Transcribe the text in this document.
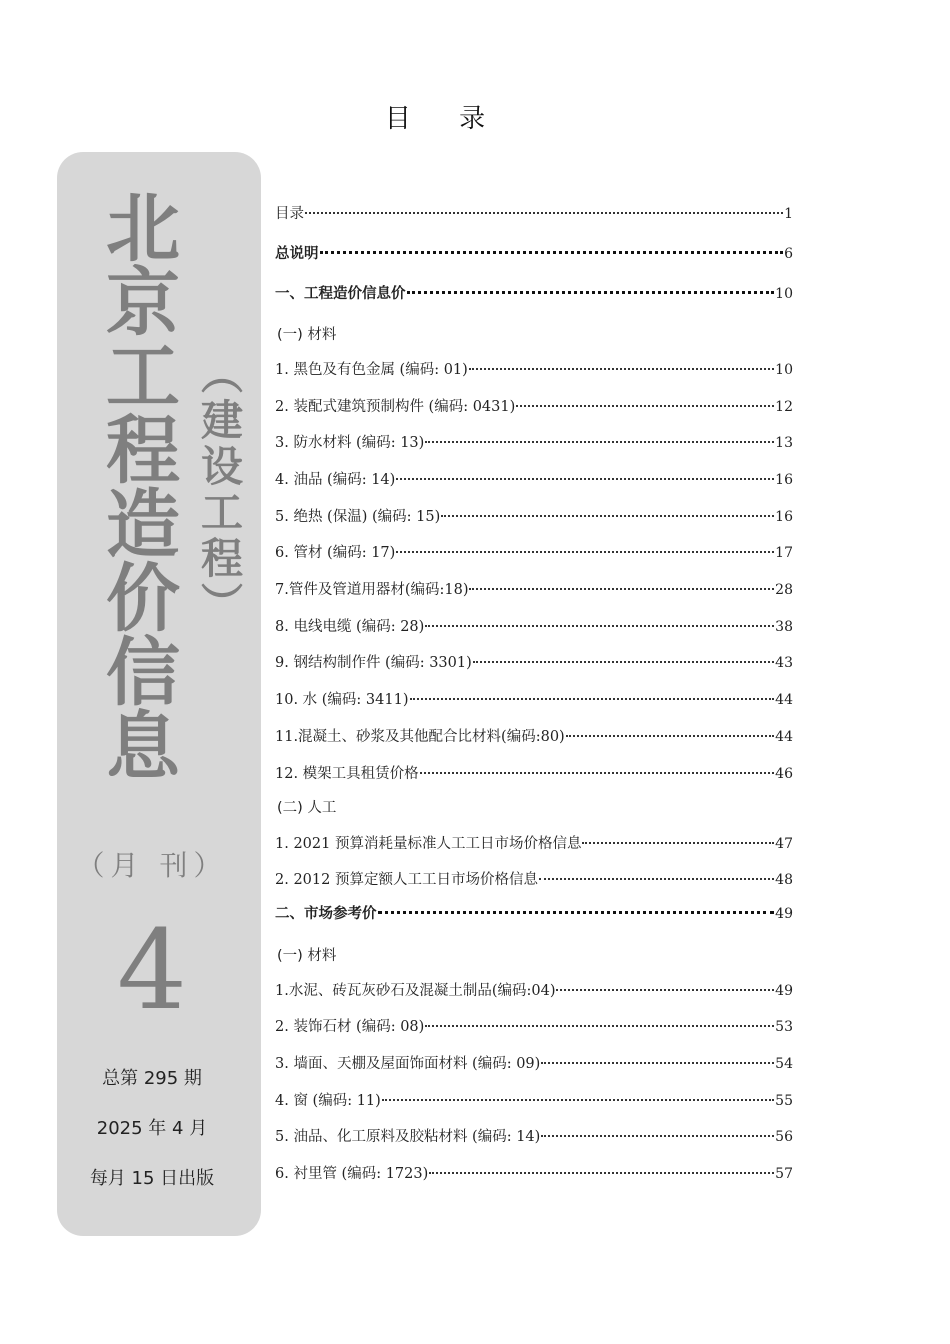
目 录
北
京
工
程
造
价
信
息
︵
建
设
工
程
︶
（月 刊）
4
总第 295 期
2025 年 4 月
每月 15 日出版
目录	1
总说明	6
一、工程造价信息价	10
(一) 材料
1. 黑色及有色金属 (编码: 01)	10
2. 装配式建筑预制构件 (编码: 0431)	12
3. 防水材料 (编码: 13)	13
4. 油品 (编码: 14)	16
5. 绝热 (保温) (编码: 15)	16
6. 管材 (编码: 17)	17
7.管件及管道用器材(编码:18)	28
8. 电线电缆 (编码: 28)	38
9. 钢结构制作件 (编码: 3301)	43
10. 水 (编码: 3411)	44
11.混凝土、砂浆及其他配合比材料(编码:80)	44
12. 模架工具租赁价格	46
(二) 人工
1. 2021 预算消耗量标准人工工日市场价格信息	47
2. 2012 预算定额人工工日市场价格信息	48
二、市场参考价	49
(一) 材料
1.水泥、砖瓦灰砂石及混凝土制品(编码:04)	49
2. 装饰石材 (编码: 08)	53
3. 墙面、天棚及屋面饰面材料 (编码: 09)	54
4. 窗 (编码: 11)	55
5. 油品、化工原料及胶粘材料 (编码: 14)	56
6. 衬里管 (编码: 1723)	57
